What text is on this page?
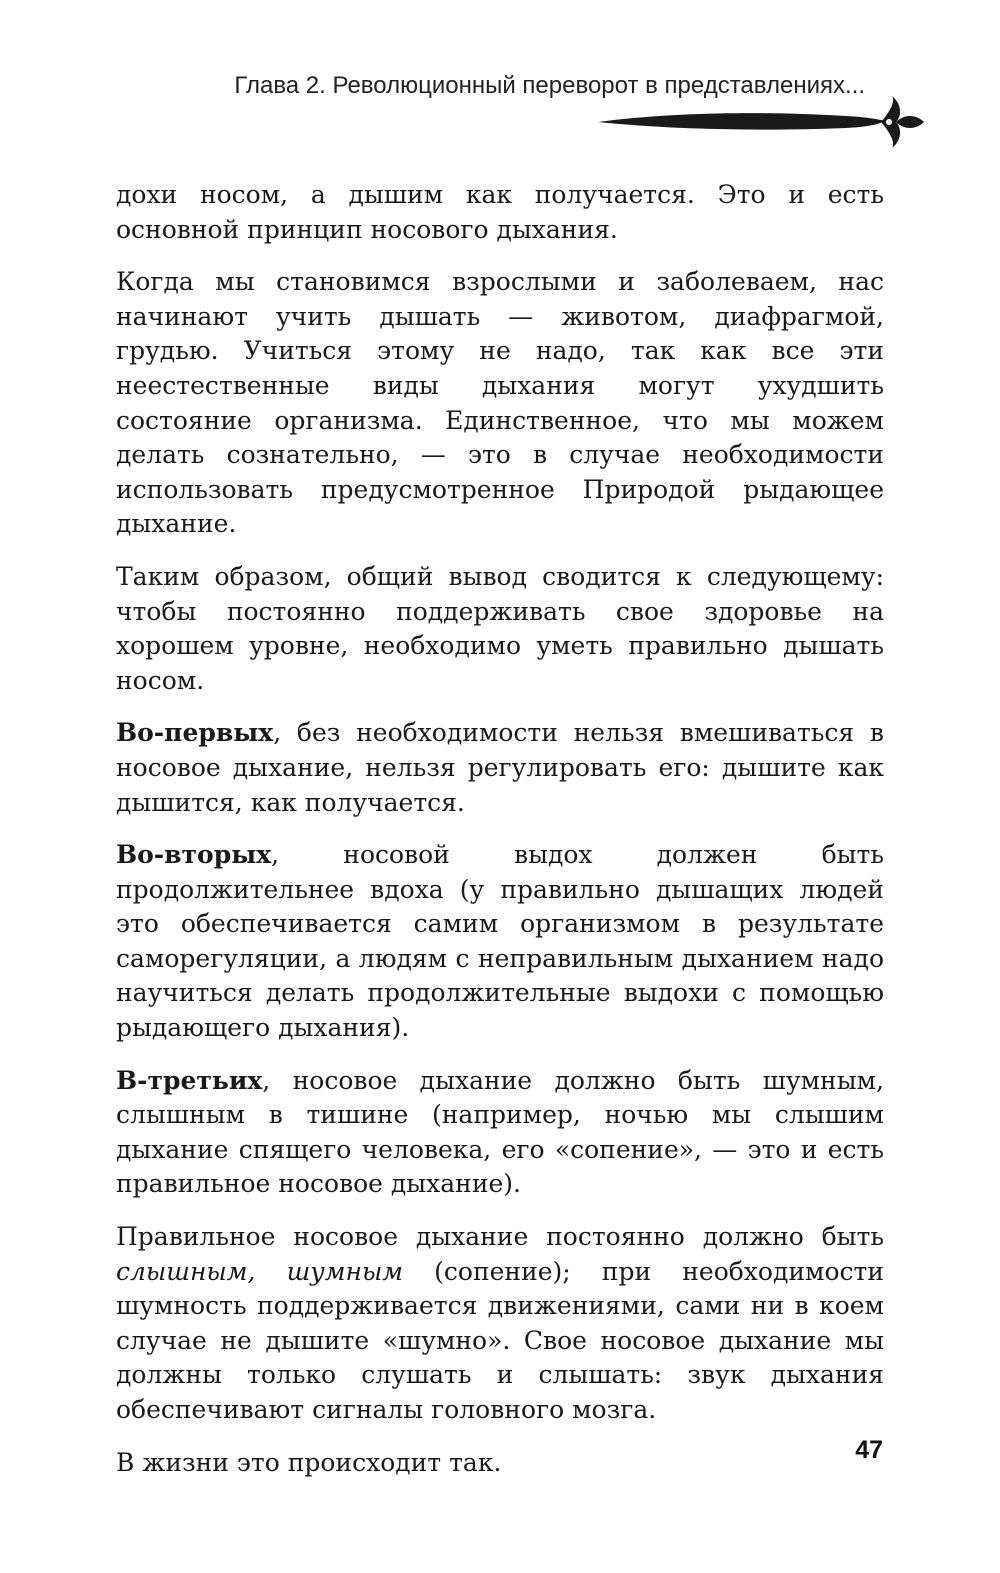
Глава 2. Революционный переворот в представлениях...

дохи носом, а дышим как получается. Это и есть основной принцип носового дыхания.

Когда мы становимся взрослыми и заболеваем, нас начинают учить дышать — животом, диафрагмой, грудью. Учиться этому не надо, так как все эти неестественные виды дыхания могут ухудшить состояние организма. Единственное, что мы можем делать сознательно, — это в случае необходимости использовать предусмотренное Природой рыдающее дыхание.

Таким образом, общий вывод сводится к следующему: чтобы постоянно поддерживать свое здоровье на хорошем уровне, необходимо уметь правильно дышать носом.

Во-первых, без необходимости нельзя вмешиваться в носовое дыхание, нельзя регулировать его: дышите как дышится, как получается.

Во-вторых, носовой выдох должен быть продолжительнее вдоха (у правильно дышащих людей это обеспечивается самим организмом в результате саморегуляции, а людям с неправильным дыханием надо научиться делать продолжительные выдохи с помощью рыдающего дыхания).

В-третьих, носовое дыхание должно быть шумным, слышным в тишине (например, ночью мы слышим дыхание спящего человека, его «сопение», — это и есть правильное носовое дыхание).

Правильное носовое дыхание постоянно должно быть слышным, шумным (сопение); при необходимости шумность поддерживается движениями, сами ни в коем случае не дышите «шумно». Свое носовое дыхание мы должны только слушать и слышать: звук дыхания обеспечивают сигналы головного мозга.

В жизни это происходит так.	47
